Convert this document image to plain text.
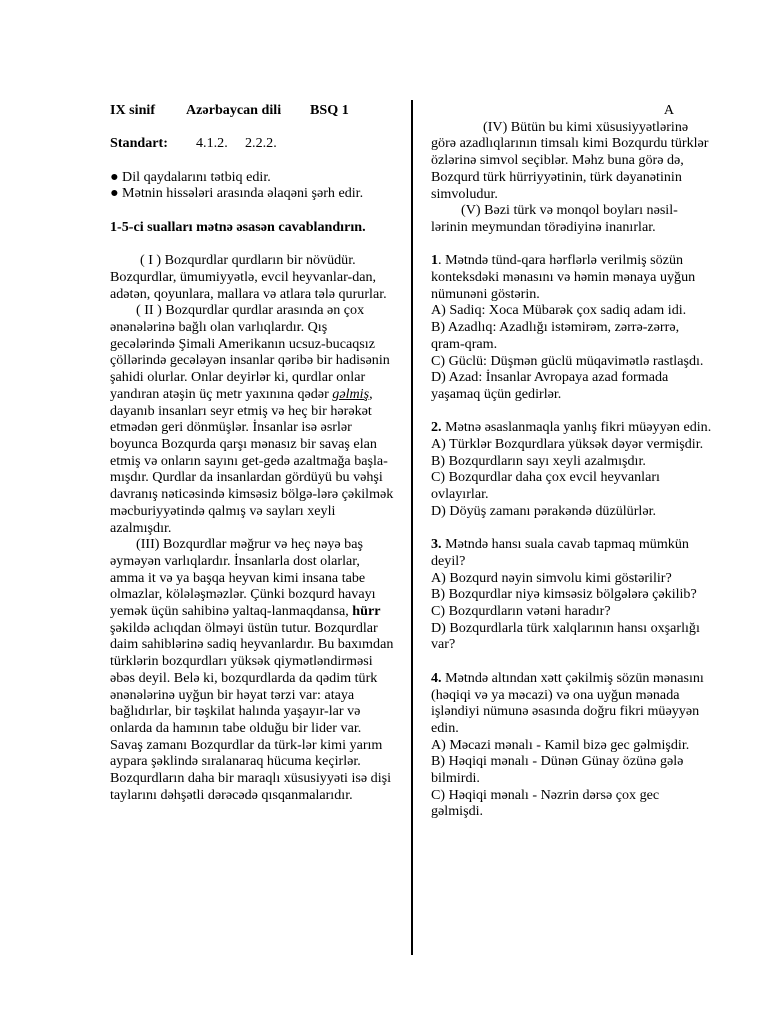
IX sinif Azərbaycan dili BSQ 1

Standart: 4.1.2. 2.2.2.

● Dil qaydalarını tətbiq edir.

● Mətnin hissələri arasında əlaqəni şərh edir.

1-5-ci sualları mətnə əsasən cavablandırın.

( I ) Bozqurdlar qurdların bir növüdür. Bozqurdlar, ümumiyyətlə, evcil heyvanlar-dan, adətən, qoyunlara, mallara və atlara tələ qururlar.

( II ) Bozqurdlar qurdlar arasında ən çox ənənələrinə bağlı olan varlıqlardır. Qış gecələrində Şimali Amerikanın ucsuz-bucaqsız çöllərində gecələyən insanlar qəribə bir hadisənin şahidi olurlar. Onlar deyirlər ki, qurdlar onlar yandıran atəşin üç metr yaxınına qədər gəlmiş, dayanıb insanları seyr etmiş və heç bir hərəkət etmədən geri dönmüşlər. İnsanlar isə əsrlər boyunca Bozqurda qarşı mənasız bir savaş elan etmiş və onların sayını get-gedə azaltmağa başla-mışdır. Qurdlar da insanlardan gördüyü bu vəhşi davranış nəticəsində kimsəsiz bölgə-lərə çəkilmək məcburiyyətində qalmış və sayları xeyli azalmışdır.

(III) Bozqurdlar məğrur və heç nəyə baş əyməyən varlıqlardır. İnsanlarla dost olarlar, amma it və ya başqa heyvan kimi insana tabe olmazlar, kölələşməzlər. Çünki bozqurd havayı yemək üçün sahibinə yaltaq-lanmaqdansa, hürr şəkildə aclıqdan ölməyi üstün tutur. Bozqurdlar daim sahiblərinə sadiq heyvanlardır. Bu baxımdan türklərin bozqurdları yüksək qiymətləndirməsi əbəs deyil. Belə ki, bozqurdlarda da qədim türk ənənələrinə uyğun bir həyat tərzi var: ataya bağlıdırlar, bir təşkilat halında yaşayır-lar və onlarda da hamının tabe olduğu bir lider var. Savaş zamanı Bozqurdlar da türk-lər kimi yarım aypara şəklində sıralanaraq hücuma keçirlər. Bozqurdların daha bir maraqlı xüsusiyyəti isə dişi taylarını dəhşətli dərəcədə qısqanmalarıdır.

A

(IV) Bütün bu kimi xüsusiyyətlərinə görə azadlıqlarının timsalı kimi Bozqurdu türklər özlərinə simvol seçiblər. Məhz buna görə də, Bozqurd türk hürriyyətinin, türk dəyanətinin simvoludur.

(V) Bəzi türk və monqol boyları nəsil-lərinin meymundan törədiyinə inanırlar.

1. Mətndə tünd-qara hərflərlə verilmiş sözün konteksdəki mənasını və həmin mənaya uyğun nümunəni göstərin.

A) Sadiq: Xoca Mübarək çox sadiq adam idi.

B) Azadlıq: Azadlığı istəmirəm, zərrə-zərrə, qram-qram.

C) Güclü: Düşmən güclü müqavimətlə rastlaşdı.

D) Azad: İnsanlar Avropaya azad formada yaşamaq üçün gedirlər.

2. Mətnə əsaslanmaqla yanlış fikri müəyyən edin.

A) Türklər Bozqurdlara yüksək dəyər vermişdir.

B) Bozqurdların sayı xeyli azalmışdır.

C) Bozqurdlar daha çox evcil heyvanları ovlayırlar.

D) Döyüş zamanı pərakəndə düzülürlər.

3. Mətndə hansı suala cavab tapmaq mümkün deyil?

A) Bozqurd nəyin simvolu kimi göstərilir?

B) Bozqurdlar niyə kimsəsiz bölgələrə çəkilib?

C) Bozqurdların vətəni haradır?

D) Bozqurdlarla türk xalqlarının hansı oxşarlığı var?

4. Mətndə altından xətt çəkilmiş sözün mənasını (həqiqi və ya məcazi) və ona uyğun mənada işləndiyi nümunə əsasında doğru fikri müəyyən edin.

A) Məcazi mənalı - Kamil bizə gec gəlmişdir.

B) Həqiqi mənalı - Dünən Günay özünə gələ bilmirdi.

C) Həqiqi mənalı - Nəzrin dərsə çox gec gəlmişdi.
